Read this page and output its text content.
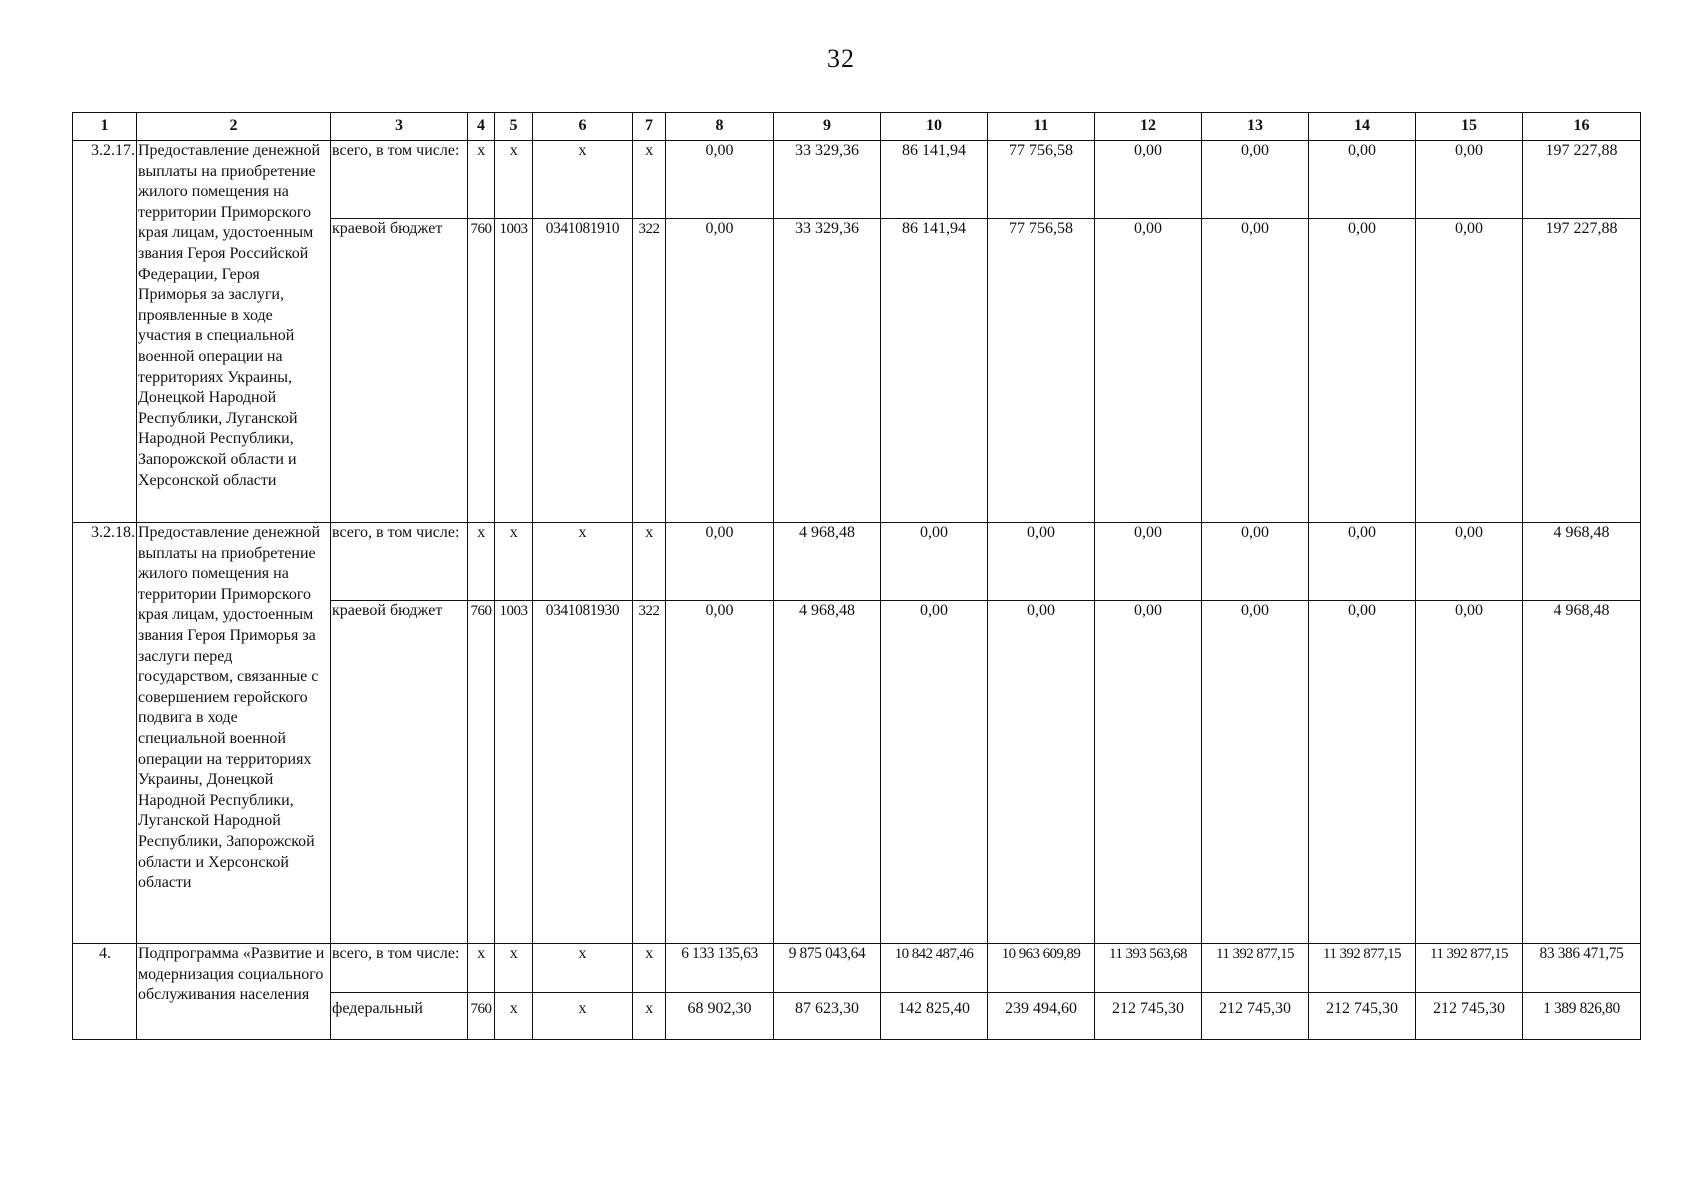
32
1	2	3	4	5	6	7	8	9	10	11	12	13	14	15	16
3.2.17.	Предоставление денежной выплаты на приобретение жилого помещения на территории Приморского края лицам, удостоенным звания Героя Российской Федерации, Героя Приморья за заслуги, проявленные в ходе участия в специальной военной операции на территориях Украины, Донецкой Народной Республики, Луганской Народной Республики, Запорожской области и Херсонской области	всего, в том числе:	х	х	х	х	0,00	33 329,36	86 141,94	77 756,58	0,00	0,00	0,00	0,00	197 227,88
		краевой бюджет	760	1003	0341081910	322	0,00	33 329,36	86 141,94	77 756,58	0,00	0,00	0,00	0,00	197 227,88
3.2.18.	Предоставление денежной выплаты на приобретение жилого помещения на территории Приморского края лицам, удостоенным звания Героя Приморья за заслуги перед государством, связанные с совершением геройского подвига в ходе специальной военной операции на территориях Украины, Донецкой Народной Республики, Луганской Народной Республики, Запорожской области и Херсонской области	всего, в том числе:	х	х	х	х	0,00	4 968,48	0,00	0,00	0,00	0,00	0,00	0,00	4 968,48
		краевой бюджет	760	1003	0341081930	322	0,00	4 968,48	0,00	0,00	0,00	0,00	0,00	0,00	4 968,48
4.	Подпрограмма «Развитие и модернизация социального обслуживания населения	всего, в том числе:	х	х	х	х	6 133 135,63	9 875 043,64	10 842 487,46	10 963 609,89	11 393 563,68	11 392 877,15	11 392 877,15	11 392 877,15	83 386 471,75
		федеральный	760	х	х	х	68 902,30	87 623,30	142 825,40	239 494,60	212 745,30	212 745,30	212 745,30	212 745,30	1 389 826,80
